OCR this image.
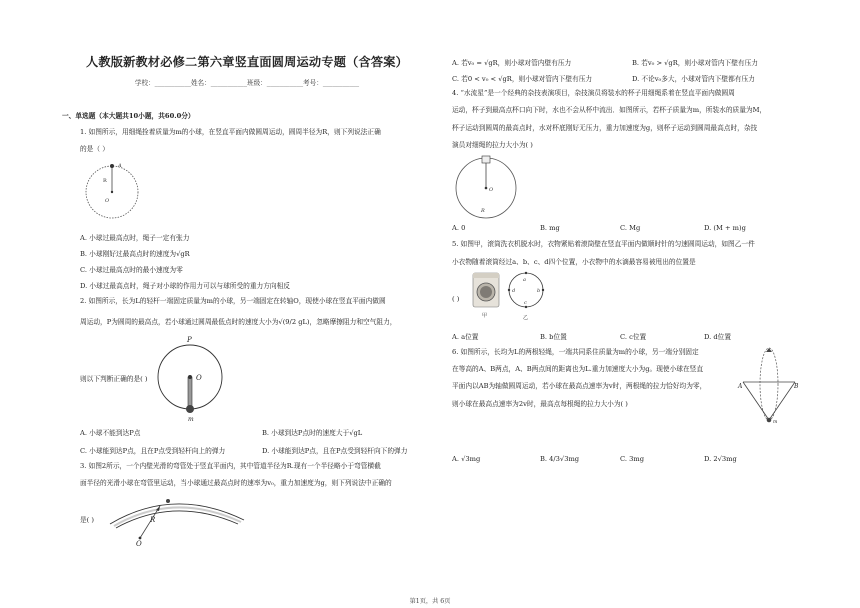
人教版新教材必修二第六章竖直面圆周运动专题（含答案）
学校：___________姓名：___________班级：___________考号：___________
一、单选题（本大题共10小题，共60.0分）
1. 如图所示，用细绳拴着质量为m的小球，在竖直平面内做圆周运动，圆周半径为R，则下列说法正确
的是（ ）
A
R
O
A. 小球过最高点时，绳子一定有张力
B. 小球刚好过最高点时的速度为√gR
C. 小球过最高点时的最小速度为零
D. 小球过最高点时，绳子对小球的作用力可以与球所受的重力方向相反
2. 如图所示，长为L的轻杆一端固定质量为m的小球，另一端固定在转轴O，现使小球在竖直平面内做圆
周运动，P为圆周的最高点，若小球通过圆周最低点时的速度大小为√(9/2 gL)，忽略摩擦阻力和空气阻力，
则以下判断正确的是( )
P
O
m
A. 小球不能到达P点	B. 小球到达P点时的速度大于√gL
C. 小球能到达P点，且在P点受到轻杆向上的弹力	D. 小球能到达P点，且在P点受到轻杆向下的弹力
3. 如图2所示，一个内壁光滑的弯管处于竖直平面内，其中管道半径为R.现有一个半径略小于弯管横截
面半径的光滑小球在弯管里运动，当小球通过最高点时的速率为v₀，重力加速度为g，则下列说法中正确的
是( )	R
O
A. 若v₀ = √gR，则小球对管内壁有压力	B. 若v₀ > √gR，则小球对管内下壁有压力
C. 若0 < v₀ < √gR，则小球对管内下壁有压力	D. 不论v₀多大，小球对管内下壁都有压力
4. “水流星”是一个经典的杂技表演项目，杂技演员将装水的杯子用细绳系着在竖直平面内做圆周
运动，杯子到最高点杯口向下时，水也不会从杯中流出．如图所示，若杯子质量为m，所装水的质量为M，
杯子运动到圆周的最高点时，水对杯底刚好无压力，重力加速度为g，则杯子运动到圆周最高点时，杂技
演员对细绳的拉力大小为( )
O
R
A. 0	B. mg	C. Mg	D. (M + m)g
5. 如图甲，滚筒洗衣机脱水时，衣物紧贴着滚筒壁在竖直平面内做顺时针的匀速圆周运动，如图乙一件
小衣物随着滚筒经过a、b、c、d四个位置，小衣物中的水滴最容易被甩出的位置是
( )
甲	乙
a
b
c
d
A. a位置	B. b位置	C. c位置	D. d位置
6. 如图所示，长均为L的两根轻绳，一端共同系住质量为m的小球，另一端分别固定
在等高的A、B两点，A、B两点间的距离也为L.重力加速度大小为g。现使小球在竖直
平面内以AB为轴做圆周运动，若小球在最高点速率为v时，两根绳的拉力恰好均为零，
则小球在最高点速率为2v时，最高点每根绳的拉力大小为( )
A	B
m
A. √3mg	B. 4/3√3mg	C. 3mg	D. 2√3mg
第1页，共 6页
